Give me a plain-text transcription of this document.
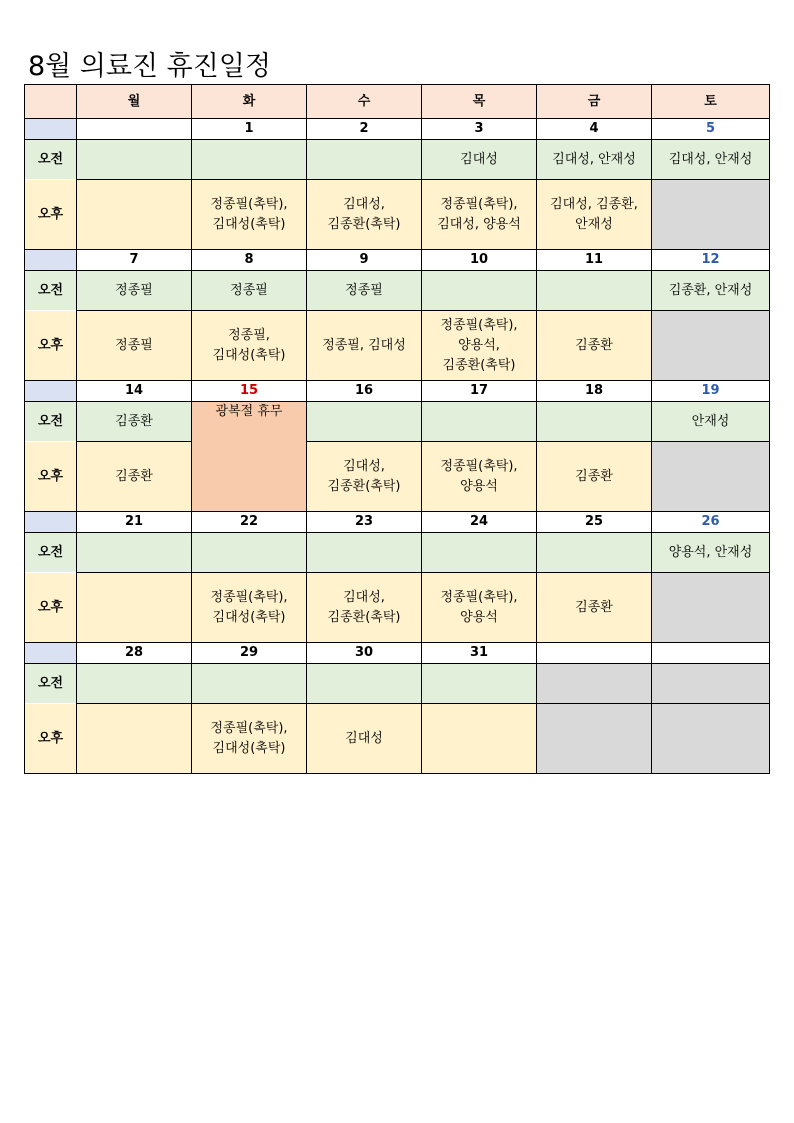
8월 의료진 휴진일정
	월	화	수	목	금	토
		1	2	3	4	5
오전				김대성	김대성, 안재성	김대성, 안재성
오후		정종필(촉탁),
김대성(촉탁)	김대성,
김종환(촉탁)	정종필(촉탁),
김대성, 양용석	김대성, 김종환,
안재성	
	7	8	9	10	11	12
오전	정종필	정종필	정종필			김종환, 안재성
오후	정종필	정종필,
김대성(촉탁)	정종필, 김대성	정종필(촉탁),
양용석,
김종환(촉탁)	김종환	
	14	15	16	17	18	19
오전	김종환	광복절 휴무				안재성
오후	김종환		김대성,
김종환(촉탁)	정종필(촉탁),
양용석	김종환	
	21	22	23	24	25	26
오전						양용석, 안재성
오후		정종필(촉탁),
김대성(촉탁)	김대성,
김종환(촉탁)	정종필(촉탁),
양용석	김종환	
	28	29	30	31		
오전						
오후		정종필(촉탁),
김대성(촉탁)	김대성			
